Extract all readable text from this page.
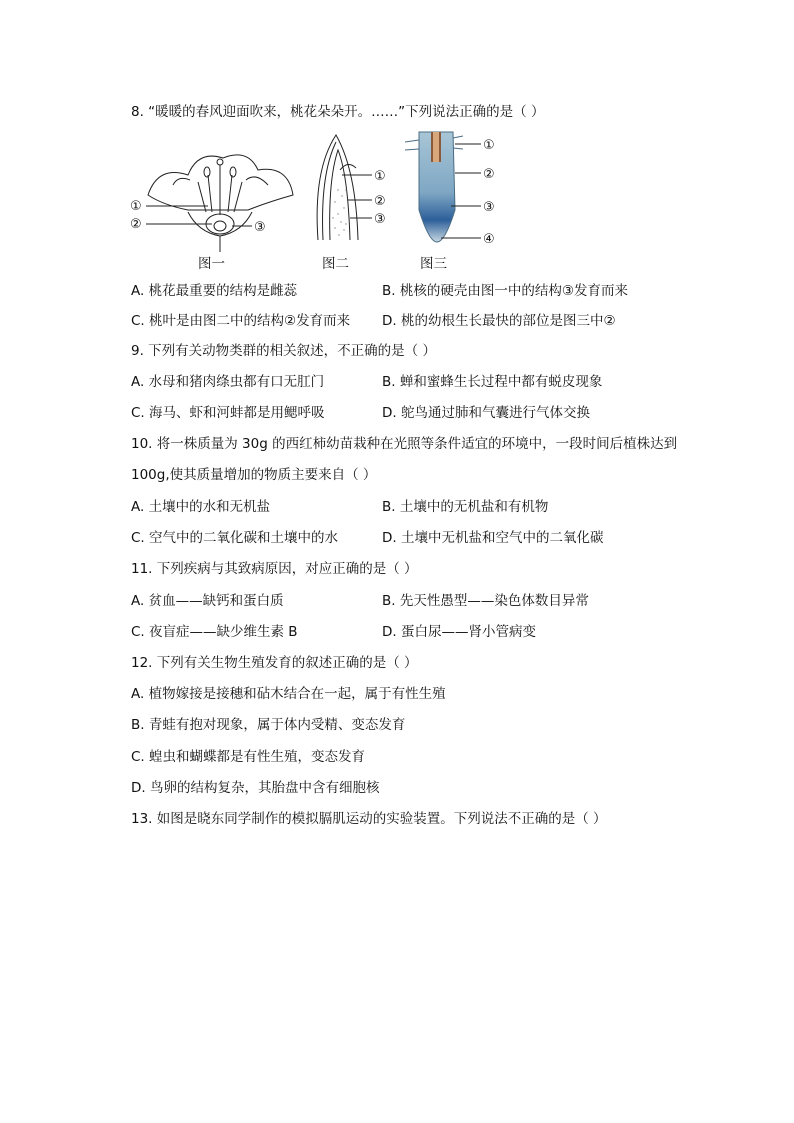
8. “暖暖的春风迎面吹来，桃花朵朵开。……”下列说法正确的是（ ）
①
②	③
图一
①
②
③
图二
①
②
③
④
图三
A. 桃花最重要的结构是雌蕊	B. 桃核的硬壳由图一中的结构③发育而来
C. 桃叶是由图二中的结构②发育而来 D. 桃的幼根生长最快的部位是图三中②
9. 下列有关动物类群的相关叙述，不正确的是（ ）
A. 水母和猪肉绦虫都有口无肛门	B. 蝉和蜜蜂生长过程中都有蜕皮现象
C. 海马、虾和河蚌都是用鳃呼吸	D. 鸵鸟通过肺和气囊进行气体交换
10. 将一株质量为 30g 的西红柿幼苗栽种在光照等条件适宜的环境中，一段时间后植株达到
100g,使其质量增加的物质主要来自（ ）
A. 土壤中的水和无机盐	B. 土壤中的无机盐和有机物
C. 空气中的二氧化碳和土壤中的水	D. 土壤中无机盐和空气中的二氧化碳
11. 下列疾病与其致病原因，对应正确的是（ ）
A. 贫血——缺钙和蛋白质	B. 先天性愚型——染色体数目异常
C. 夜盲症——缺少维生素 B	D. 蛋白尿——肾小管病变
12. 下列有关生物生殖发育的叙述正确的是（ ）
A. 植物嫁接是接穗和砧木结合在一起，属于有性生殖
B. 青蛙有抱对现象，属于体内受精、变态发育
C. 蝗虫和蝴蝶都是有性生殖，变态发育
D. 鸟卵的结构复杂，其胎盘中含有细胞核
13. 如图是晓东同学制作的模拟膈肌运动的实验装置。下列说法不正确的是（ ）
